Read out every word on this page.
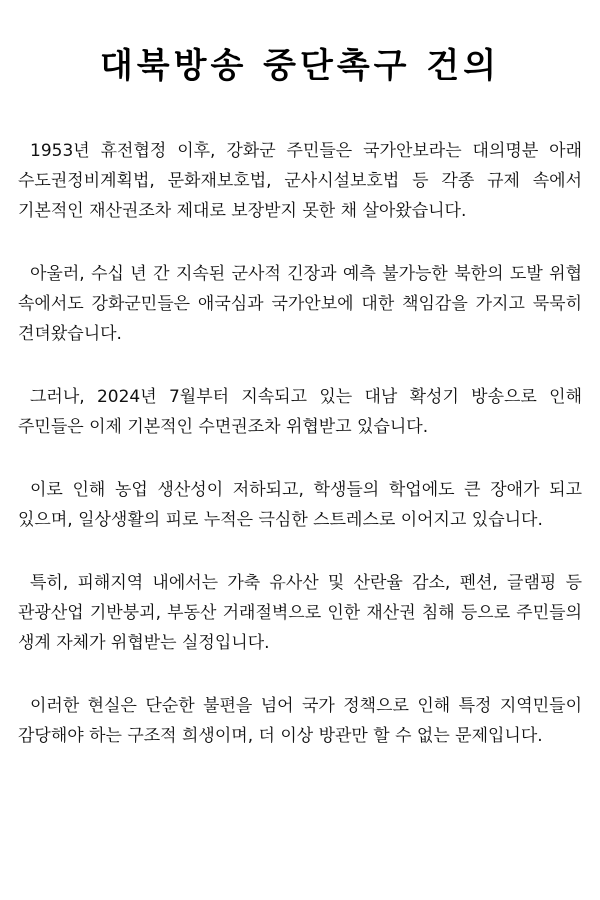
대북방송 중단촉구 건의

1953년 휴전협정 이후, 강화군 주민들은 국가안보라는 대의명분 아래 수도권정비계획법, 문화재보호법, 군사시설보호법 등 각종 규제 속에서 기본적인 재산권조차 제대로 보장받지 못한 채 살아왔습니다.

아울러, 수십 년 간 지속된 군사적 긴장과 예측 불가능한 북한의 도발 위협 속에서도 강화군민들은 애국심과 국가안보에 대한 책임감을 가지고 묵묵히 견뎌왔습니다.

그러나, 2024년 7월부터 지속되고 있는 대남 확성기 방송으로 인해 주민들은 이제 기본적인 수면권조차 위협받고 있습니다.

이로 인해 농업 생산성이 저하되고, 학생들의 학업에도 큰 장애가 되고 있으며, 일상생활의 피로 누적은 극심한 스트레스로 이어지고 있습니다.

특히, 피해지역 내에서는 가축 유사산 및 산란율 감소, 펜션, 글램핑 등 관광산업 기반붕괴, 부동산 거래절벽으로 인한 재산권 침해 등으로 주민들의 생계 자체가 위협받는 실정입니다.

이러한 현실은 단순한 불편을 넘어 국가 정책으로 인해 특정 지역민들이 감당해야 하는 구조적 희생이며, 더 이상 방관만 할 수 없는 문제입니다.
